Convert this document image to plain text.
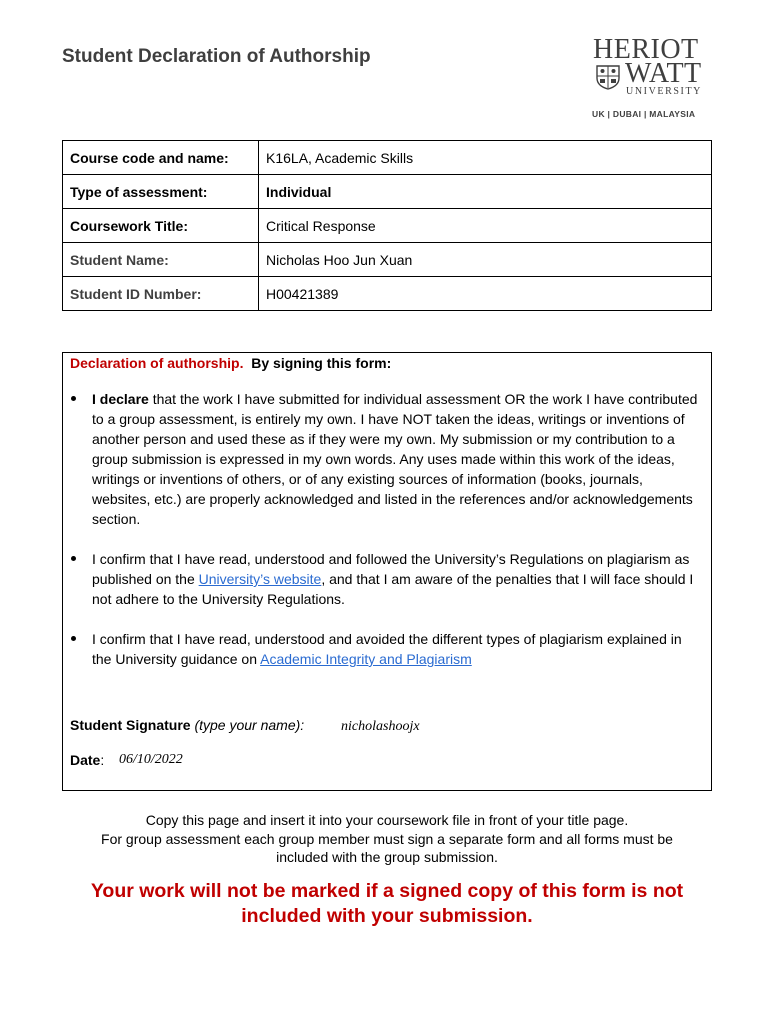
Student Declaration of Authorship	HERIOT
WATT
UNIVERSITY
UK | DUBAI | MALAYSIA
Course code and name:	K16LA, Academic Skills
Type of assessment:	Individual
Coursework Title:	Critical Response
Student Name:	Nicholas Hoo Jun Xuan
Student ID Number:	H00421389
Declaration of authorship. By signing this form:
I declare that the work I have submitted for individual assessment OR the work I have contributed to a group assessment, is entirely my own. I have NOT taken the ideas, writings or inventions of another person and used these as if they were my own. My submission or my contribution to a group submission is expressed in my own words. Any uses made within this work of the ideas, writings or inventions of others, or of any existing sources of information (books, journals, websites, etc.) are properly acknowledged and listed in the references and/or acknowledgements section.
I confirm that I have read, understood and followed the University’s Regulations on plagiarism as published on the University’s website, and that I am aware of the penalties that I will face should I not adhere to the University Regulations.
I confirm that I have read, understood and avoided the different types of plagiarism explained in the University guidance on Academic Integrity and Plagiarism
Student Signature (type your name):	nicholashoojx
Date: 06/10/2022
Copy this page and insert it into your coursework file in front of your title page.
For group assessment each group member must sign a separate form and all forms must be
included with the group submission.
Your work will not be marked if a signed copy of this form is not
included with your submission.
